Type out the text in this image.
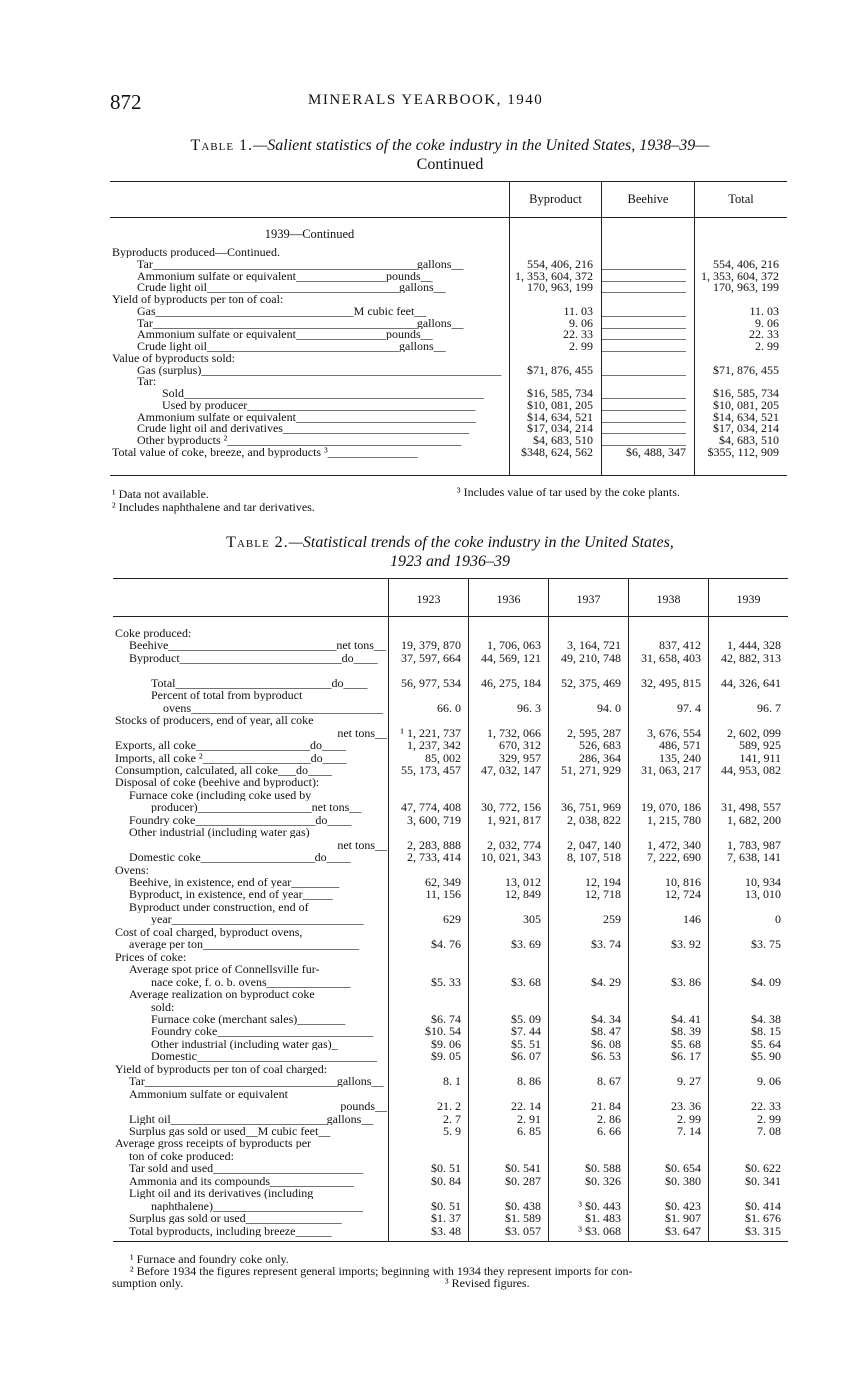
872	MINERALS YEARBOOK, 1940
Table 1.—Salient statistics of the coke industry in the United States, 1938–39—
Continued
Byproduct	Beehive	Total
1939—Continued
Byproducts produced—Continued.
Tar____________________________________________gallons__	554, 406, 216 ______________	554, 406, 216
Ammonium sulfate or equivalent_______________pounds__	1, 353, 604, 372 ______________	1, 353, 604, 372
Crude light oil________________________________gallons__	170, 963, 199 ______________	170, 963, 199
Yield of byproducts per ton of coal:
Gas_________________________________M cubic feet__	11. 03 ______________	11. 03
Tar____________________________________________gallons__	9. 06 ______________	9. 06
Ammonium sulfate or equivalent_______________pounds__	22. 33 ______________	22. 33
Crude light oil________________________________gallons__	2. 99 ______________	2. 99
Value of byproducts sold:
Gas (surplus)__________________________________________________	$71, 876, 455 ______________	$71, 876, 455
Tar:
Sold__________________________________________________	$16, 585, 734 ______________	$16, 585, 734
Used by producer______________________________________	$10, 081, 205 ______________	$10, 081, 205
Ammonium sulfate or equivalent______________________________	$14, 634, 521 ______________	$14, 634, 521
Crude light oil and derivatives_______________________________	$17, 034, 214 ______________	$17, 034, 214
Other byproducts ²_______________________________________	$4, 683, 510 ______________	$4, 683, 510
Total value of coke, breeze, and byproducts ³_______________	$348, 624, 562	$6, 488, 347	$355, 112, 909
¹ Data not available.
² Includes naphthalene and tar derivatives.
³ Includes value of tar used by the coke plants.
Table 2.—Statistical trends of the coke industry in the United States,
1923 and 1936–39
1923	1936	1937	1938	1939
Coke produced:
Beehive____________________________net tons__	19, 379, 870	1, 706, 063	3, 164, 721	837, 412	1, 444, 328
Byproduct___________________________do____	37, 597, 664	44, 569, 121	49, 210, 748	31, 658, 403	42, 882, 313
Total__________________________do____	56, 977, 534	46, 275, 184	52, 375, 469	32, 495, 815	44, 326, 641
Percent of total from byproduct
ovens________________________________	66. 0	96. 3	94. 0	97. 4	96. 7
Stocks of producers, end of year, all coke
net tons__	¹ 1, 221, 737	1, 732, 066	2, 595, 287	3, 676, 554	2, 602, 099
Exports, all coke___________________do____	1, 237, 342	670, 312	526, 683	486, 571	589, 925
Imports, all coke ²__________________do____	85, 002	329, 957	286, 364	135, 240	141, 911
Consumption, calculated, all coke___do____	55, 173, 457	47, 032, 147	51, 271, 929	31, 063, 217	44, 953, 082
Disposal of coke (beehive and byproduct):
Furnace coke (including coke used by
producer)___________________net tons__	47, 774, 408	30, 772, 156	36, 751, 969	19, 070, 186	31, 498, 557
Foundry coke____________________do____	3, 600, 719	1, 921, 817	2, 038, 822	1, 215, 780	1, 682, 200
Other industrial (including water gas)
net tons__	2, 283, 888	2, 032, 774	2, 047, 140	1, 472, 340	1, 783, 987
Domestic coke___________________do____	2, 733, 414	10, 021, 343	8, 107, 518	7, 222, 690	7, 638, 141
Ovens:
Beehive, in existence, end of year________	62, 349	13, 012	12, 194	10, 816	10, 934
Byproduct, in existence, end of year_____	11, 156	12, 849	12, 718	12, 724	13, 010
Byproduct under construction, end of
year________________________________	629	305	259	146	0
Cost of coal charged, byproduct ovens,
average per ton__________________________	$4. 76	$3. 69	$3. 74	$3. 92	$3. 75
Prices of coke:
Average spot price of Connellsville fur-
nace coke, f. o. b. ovens______________	$5. 33	$3. 68	$4. 29	$3. 86	$4. 09
Average realization on byproduct coke
sold:
Furnace coke (merchant sales)________	$6. 74	$5. 09	$4. 34	$4. 41	$4. 38
Foundry coke__________________________	$10. 54	$7. 44	$8. 47	$8. 39	$8. 15
Other industrial (including water gas)_	$9. 06	$5. 51	$6. 08	$5. 68	$5. 64
Domestic______________________________	$9. 05	$6. 07	$6. 53	$6. 17	$5. 90
Yield of byproducts per ton of coal charged:
Tar________________________________gallons__	8. 1	8. 86	8. 67	9. 27	9. 06
Ammonium sulfate or equivalent
pounds__	21. 2	22. 14	21. 84	23. 36	22. 33
Light oil__________________________gallons__	2. 7	2. 91	2. 86	2. 99	2. 99
Surplus gas sold or used__M cubic feet__	5. 9	6. 85	6. 66	7. 14	7. 08
Average gross receipts of byproducts per
ton of coke produced:
Tar sold and used_________________________	$0. 51	$0. 541	$0. 588	$0. 654	$0. 622
Ammonia and its compounds______________	$0. 84	$0. 287	$0. 326	$0. 380	$0. 341
Light oil and its derivatives (including
naphthalene)_________________________	$0. 51	$0. 438	³ $0. 443	$0. 423	$0. 414
Surplus gas sold or used________________	$1. 37	$1. 589	$1. 483	$1. 907	$1. 676
Total byproducts, including breeze______	$3. 48	$3. 057	³ $3. 068	$3. 647	$3. 315
¹ Furnace and foundry coke only.
² Before 1934 the figures represent general imports; beginning with 1934 they represent imports for con-
sumption only.	³ Revised figures.
